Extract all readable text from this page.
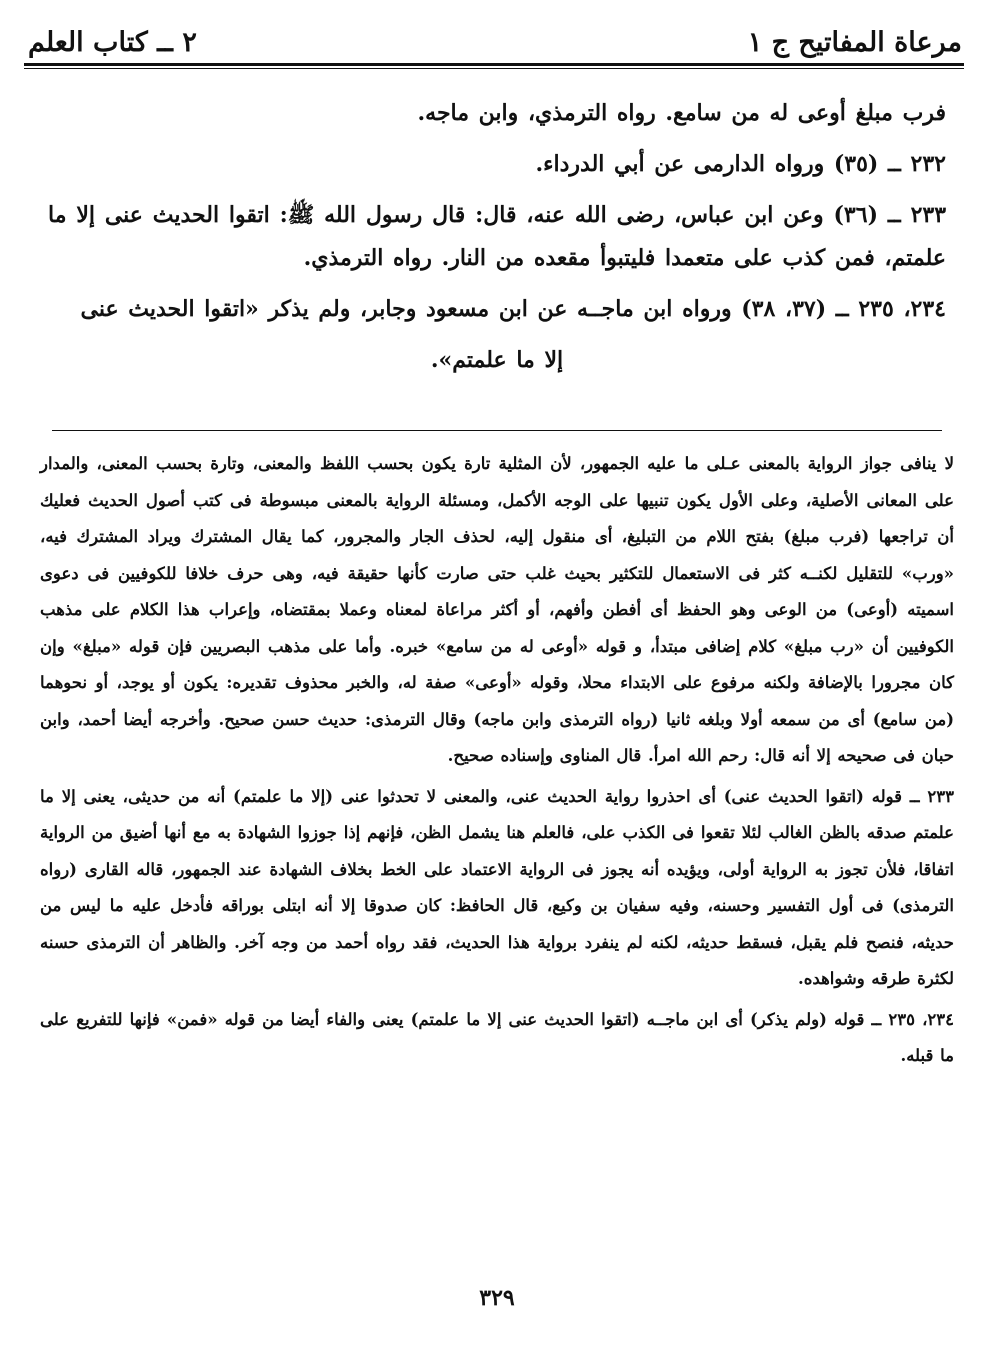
مرعاة المفاتيح ج ١
٢ ــ كتاب العلم

فرب مبلغ أوعى له من سامع. رواه الترمذي، وابن ماجه.

٢٣٢ ــ (٣٥) ورواه الدارمى عن أبي الدرداء.

٢٣٣ ــ (٣٦) وعن ابن عباس، رضى الله عنه، قال: قال رسول الله ﷺ: اتقوا الحديث عنى إلا ما علمتم، فمن كذب على متعمدا فليتبوأ مقعده من النار. رواه الترمذي.

٢٣٤، ٢٣٥ ــ (٣٧، ٣٨) ورواه ابن ماجــه عن ابن مسعود وجابر، ولم يذكر «اتقوا الحديث عنى

إلا ما علمتم».

لا ينافى جواز الرواية بالمعنى عـلى ما عليه الجمهور، لأن المثلية تارة يكون بحسب اللفظ والمعنى، وتارة بحسب المعنى، والمدار على المعانى الأصلية، وعلى الأول يكون تنبيها على الوجه الأكمل، ومسئلة الرواية بالمعنى مبسوطة فى كتب أصول الحديث فعليك أن تراجعها (فرب مبلغ) بفتح اللام من التبليغ، أى منقول إليه، لحذف الجار والمجرور، كما يقال المشترك ويراد المشترك فيه، «ورب» للتقليل لكنــه كثر فى الاستعمال للتكثير بحيث غلب حتى صارت كأنها حقيقة فيه، وهى حرف خلافا للكوفيين فى دعوى اسميته (أوعى) من الوعى وهو الحفظ أى أفطن وأفهم، أو أكثر مراعاة لمعناه وعملا بمقتضاه، وإعراب هذا الكلام على مذهب الكوفيين أن «رب مبلغ» كلام إضافى مبتدأ، و قوله «أوعى له من سامع» خبره. وأما على مذهب البصريين فإن قوله «مبلغ» وإن كان مجرورا بالإضافة ولكنه مرفوع على الابتداء محلا، وقوله «أوعى» صفة له، والخبر محذوف تقديره: يكون أو يوجد، أو نحوهما (من سامع) أى من سمعه أولا وبلغه ثانيا (رواه الترمذى وابن ماجه) وقال الترمذى: حديث حسن صحيح. وأخرجه أيضا أحمد، وابن حبان فى صحيحه إلا أنه قال: رحم الله امرأ. قال المناوى وإسناده صحيح.

٢٣٣ ــ قوله (اتقوا الحديث عنى) أى احذروا رواية الحديث عنى، والمعنى لا تحدثوا عنى (إلا ما علمتم) أنه من حديثى، يعنى إلا ما علمتم صدقه بالظن الغالب لئلا تقعوا فى الكذب على، فالعلم هنا يشمل الظن، فإنهم إذا جوزوا الشهادة به مع أنها أضيق من الرواية اتفاقا، فلأن تجوز به الرواية أولى، ويؤيده أنه يجوز فى الرواية الاعتماد على الخط بخلاف الشهادة عند الجمهور، قاله القارى (رواه الترمذى) فى أول التفسير وحسنه، وفيه سفيان بن وكيع، قال الحافظ: كان صدوقا إلا أنه ابتلى بوراقه فأدخل عليه ما ليس من حديثه، فنصح فلم يقبل، فسقط حديثه، لكنه لم ينفرد برواية هذا الحديث، فقد رواه أحمد من وجه آخر. والظاهر أن الترمذى حسنه لكثرة طرقه وشواهده.

٢٣٤، ٢٣٥ ــ قوله (ولم يذكر) أى ابن ماجــه (اتقوا الحديث عنى إلا ما علمتم) يعنى والفاء أيضا من قوله «فمن» فإنها للتفريع على ما قبله.

٣٢٩
